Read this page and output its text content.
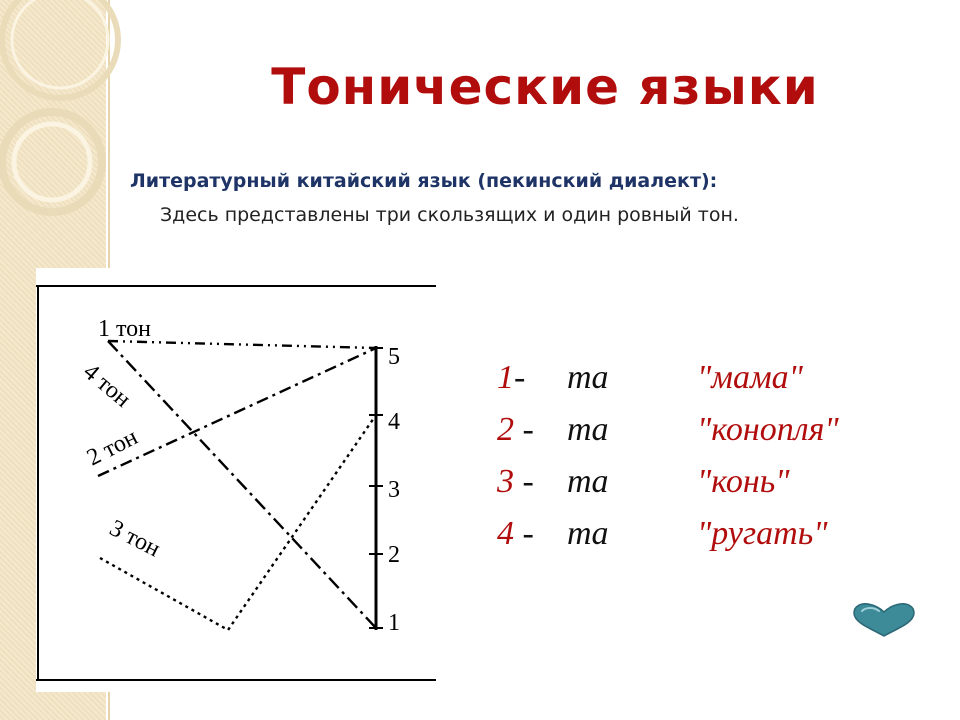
Тонические языки

Литературный китайский язык (пекинский диалект):

Здесь представлены три скользящих и один ровный тон.

5
4
3
2
1
1 тон
4 тон
2 тон
3 тон
1- ma	"мама"
2 - ma	"конопля"
3 - ma	"конь"
4 - ma	"ругать"
